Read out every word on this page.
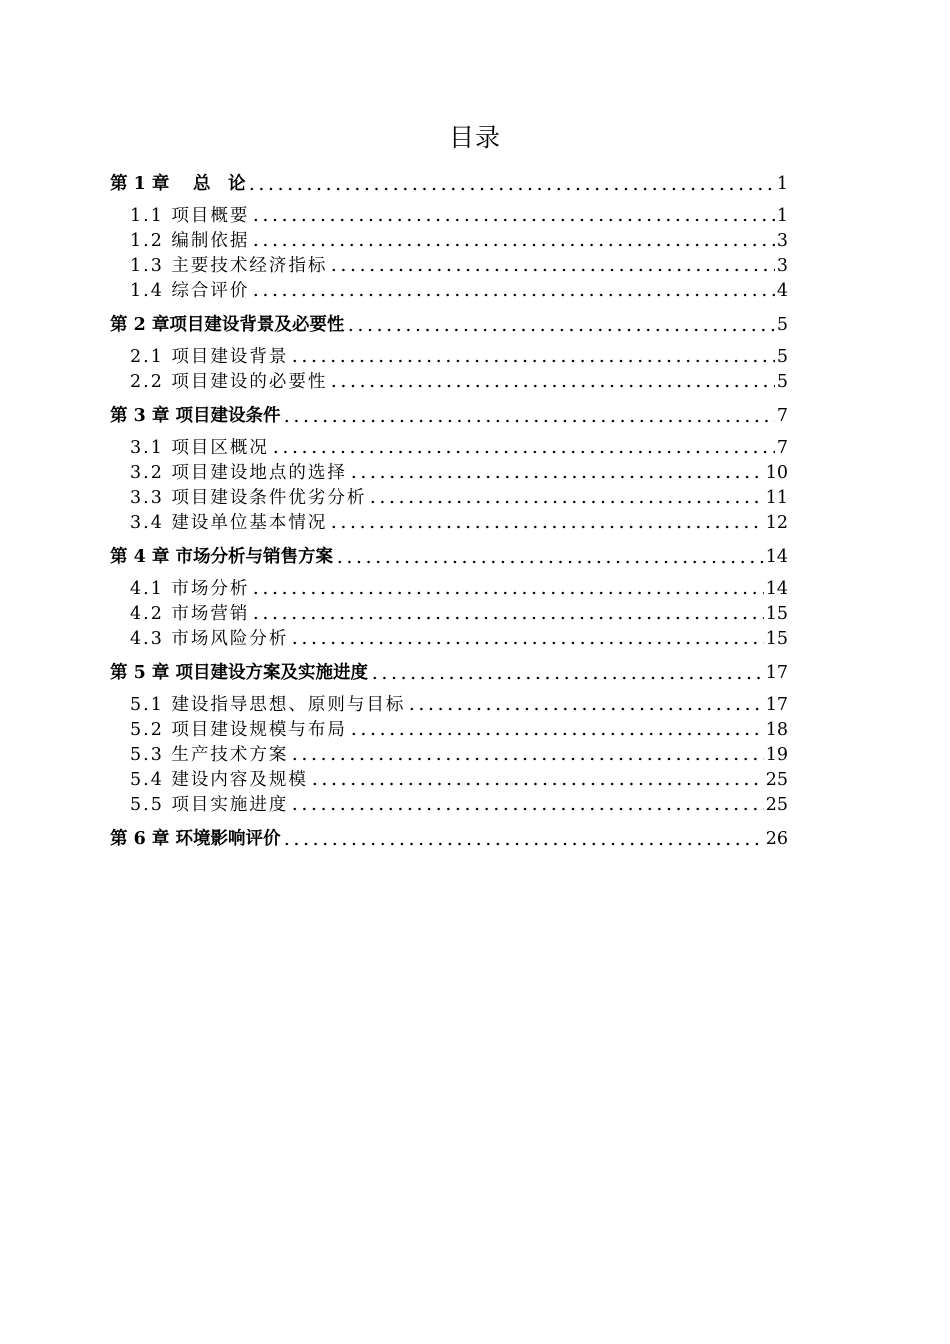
目录
第 1 章　 总　论	1
1.1 项目概要	1
1.2 编制依据	3
1.3 主要技术经济指标	3
1.4 综合评价	4
第 2 章项目建设背景及必要性	5
2.1 项目建设背景	5
2.2 项目建设的必要性	5
第 3 章 项目建设条件	7
3.1 项目区概况	7
3.2 项目建设地点的选择	10
3.3 项目建设条件优劣分析	11
3.4 建设单位基本情况	12
第 4 章 市场分析与销售方案	14
4.1 市场分析	14
4.2 市场营销	15
4.3 市场风险分析	15
第 5 章 项目建设方案及实施进度	17
5.1 建设指导思想、原则与目标	17
5.2 项目建设规模与布局	18
5.3 生产技术方案	19
5.4 建设内容及规模	25
5.5 项目实施进度	25
第 6 章 环境影响评价	26
